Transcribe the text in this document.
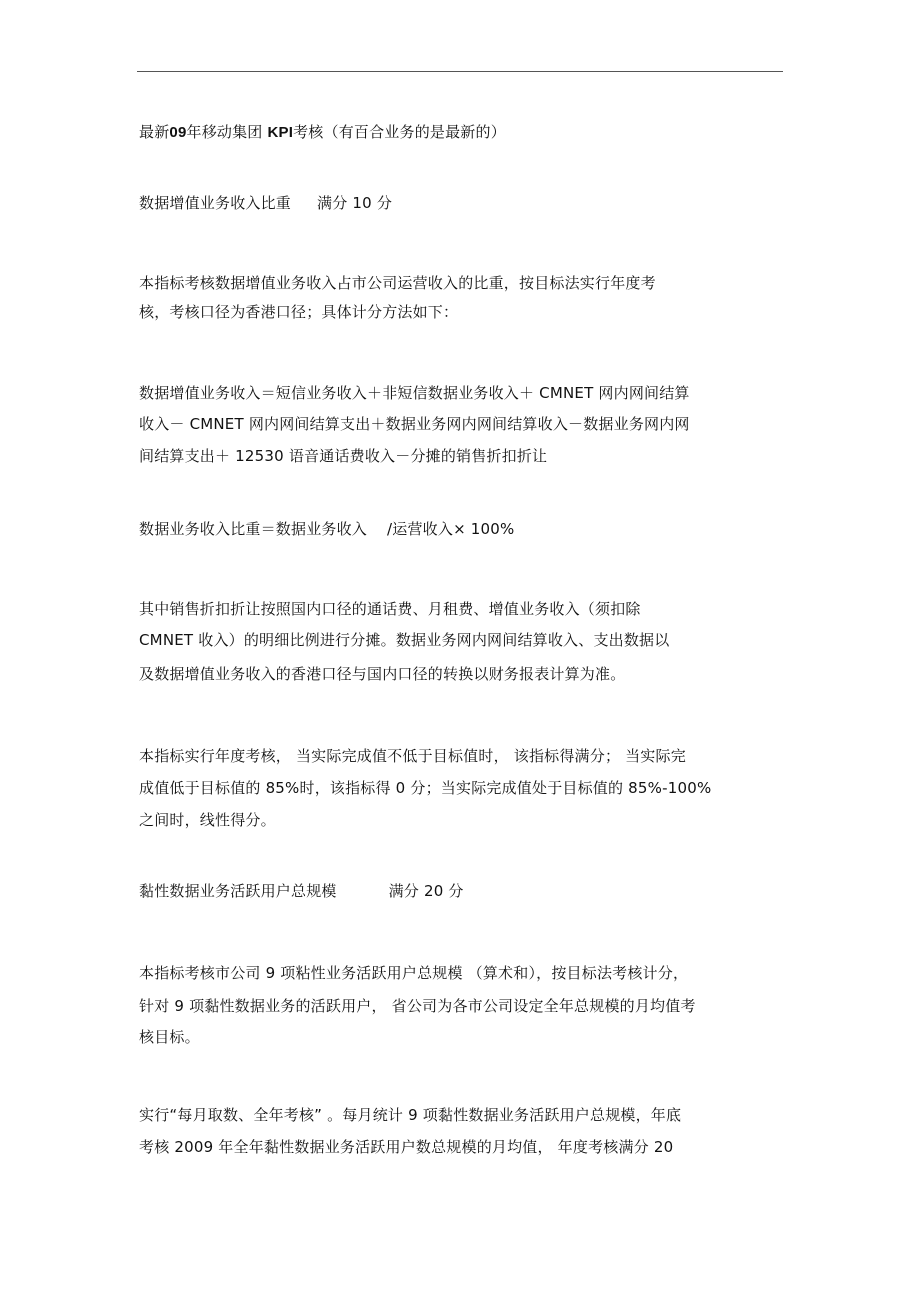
最新09年移动集团 KPI考核（有百合业务的是最新的）
数据增值业务收入比重 满分 10 分
本指标考核数据增值业务收入占市公司运营收入的比重，按目标法实行年度考
核，考核口径为香港口径；具体计分方法如下：
数据增值业务收入＝短信业务收入＋非短信数据业务收入＋ CMNET 网内网间结算
收入－ CMNET 网内网间结算支出＋数据业务网内网间结算收入－数据业务网内网
间结算支出＋ 12530 语音通话费收入－分摊的销售折扣折让
数据业务收入比重＝数据业务收入 /运营收入× 100%
其中销售折扣折让按照国内口径的通话费、月租费、增值业务收入（须扣除
CMNET 收入）的明细比例进行分摊。数据业务网内网间结算收入、支出数据以
及数据增值业务收入的香港口径与国内口径的转换以财务报表计算为准。
本指标实行年度考核， 当实际完成值不低于目标值时， 该指标得满分； 当实际完
成值低于目标值的 85%时，该指标得 0 分；当实际完成值处于目标值的 85%-100%
之间时，线性得分。
黏性数据业务活跃用户总规模	满分 20 分
本指标考核市公司 9 项粘性业务活跃用户总规模 （算术和），按目标法考核计分，
针对 9 项黏性数据业务的活跃用户， 省公司为各市公司设定全年总规模的月均值考
核目标。
实行“每月取数、全年考核” 。每月统计 9 项黏性数据业务活跃用户总规模，年底
考核 2009 年全年黏性数据业务活跃用户数总规模的月均值， 年度考核满分 20
